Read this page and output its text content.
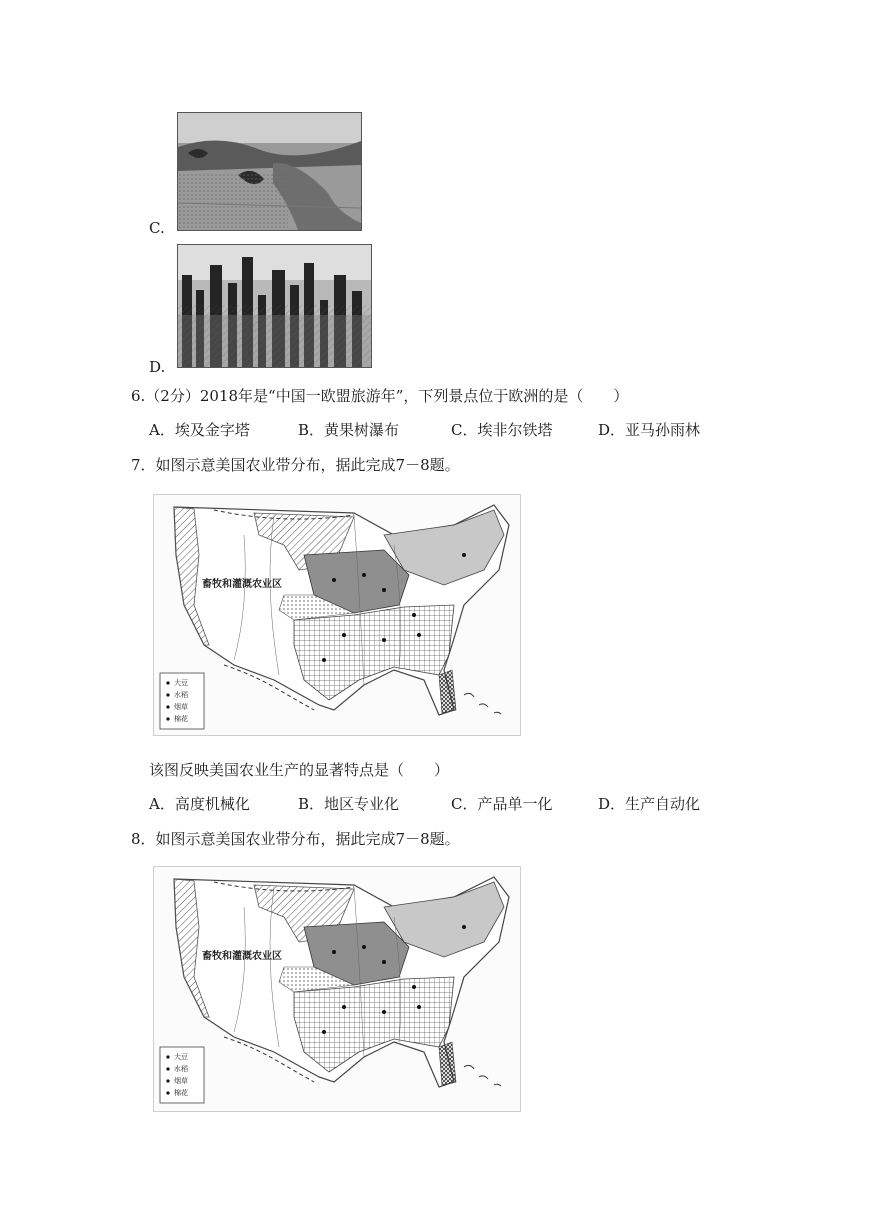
C.
D.
6.（2分）2018年是“中国一欧盟旅游年”，下列景点位于欧洲的是（　　）
A．埃及金字塔	B．黄果树瀑布	C．埃非尔铁塔	D．亚马孙雨林
7．如图示意美国农业带分布，据此完成7－8题。
畜牧和灌溉农业区
大豆
水稻
烟草
棉花
该图反映美国农业生产的显著特点是（　　）
A．高度机械化	B．地区专业化	C．产品单一化	D．生产自动化
8．如图示意美国农业带分布，据此完成7－8题。
畜牧和灌溉农业区
大豆
水稻
烟草
棉花
